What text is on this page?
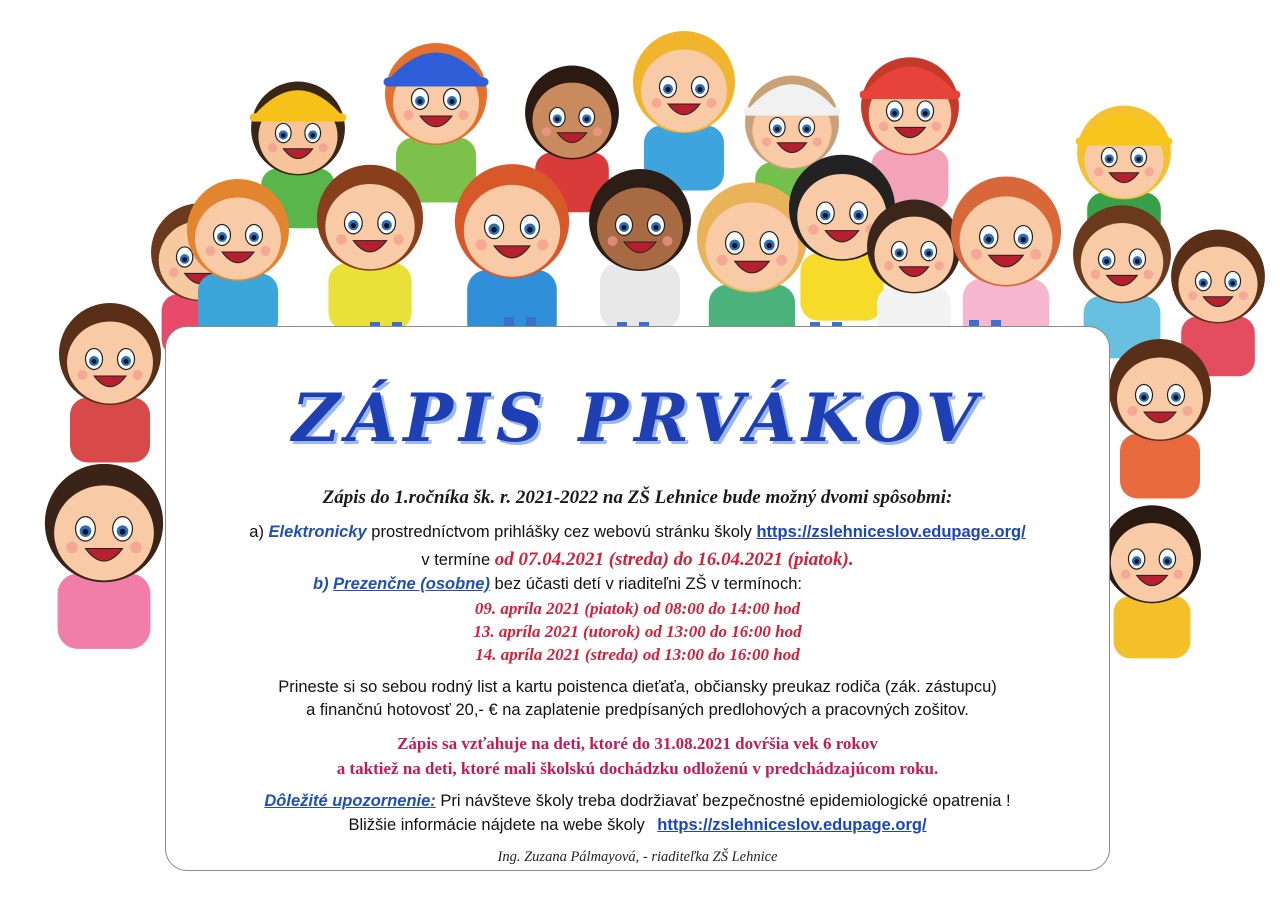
ZÁPIS PRVÁKOV
Zápis do 1.ročníka šk. r. 2021-2022 na ZŠ Lehnice bude možný dvomi spôsobmi:
a) Elektronicky prostredníctvom prihlášky cez webovú stránku školy https://zslehniceslov.edupage.org/
v termíne od 07.04.2021 (streda) do 16.04.2021 (piatok).
b) Prezenčne (osobne) bez účasti detí v riaditeľni ZŠ v termínoch:
09. apríla 2021 (piatok) od 08:00 do 14:00 hod
13. apríla 2021 (utorok) od 13:00 do 16:00 hod
14. apríla 2021 (streda) od 13:00 do 16:00 hod
Prineste si so sebou rodný list a kartu poistenca dieťaťa, občiansky preukaz rodiča (zák. zástupcu)
a finančnú hotovosť 20,- € na zaplatenie predpísaných predlohových a pracovných zošitov.
Zápis sa vzťahuje na deti, ktoré do 31.08.2021 dovŕšia vek 6 rokov
a taktiež na deti, ktoré mali školskú dochádzku odloženú v predchádzajúcom roku.
Dôležité upozornenie: Pri návšteve školy treba dodržiavať bezpečnostné epidemiologické opatrenia !
Bližšie informácie nájdete na webe školy https://zslehniceslov.edupage.org/
Ing. Zuzana Pálmayová, - riaditeľka ZŠ Lehnice
